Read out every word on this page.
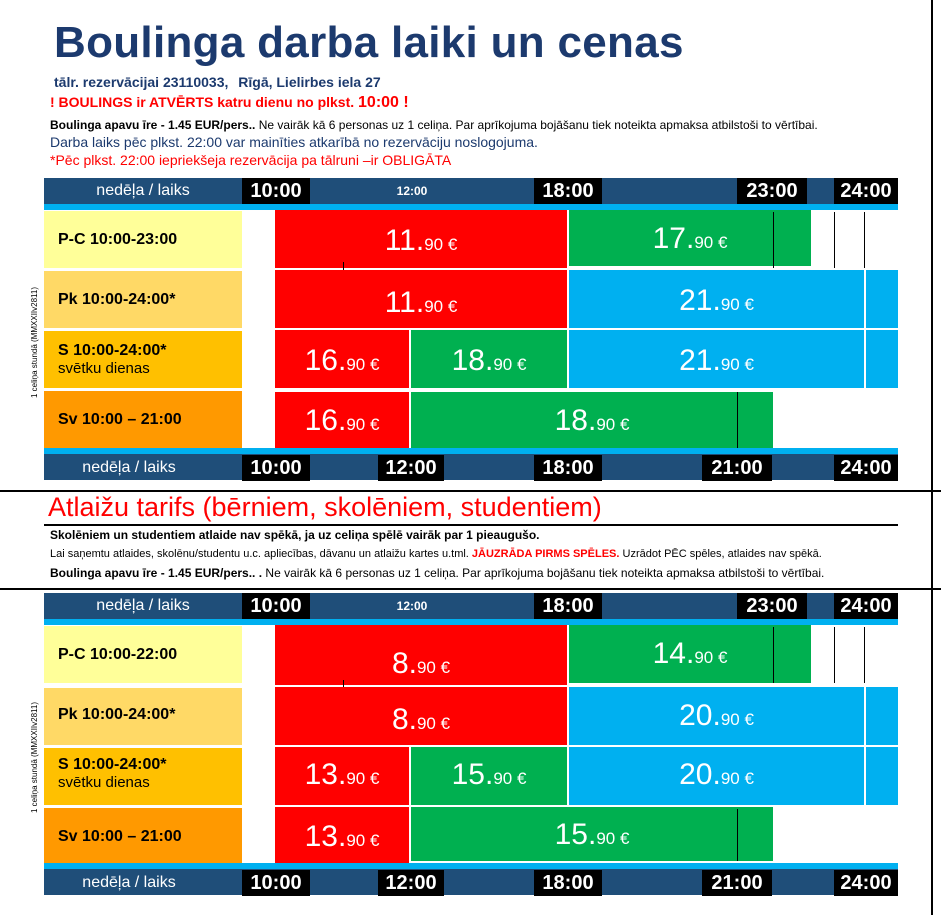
Boulinga darba laiki un cenas
tālr. rezervācijai 23110033, Rīgā, Lielirbes iela 27
! BOULINGS ir ATVĒRTS katru dienu no plkst. 10:00 !
Boulinga apavu īre - 1.45 EUR/pers.. Ne vairāk kā 6 personas uz 1 celiņa. Par aprīkojuma bojāšanu tiek noteikta apmaksa atbilstoši to vērtībai.
Darba laiks pēc plkst. 22:00 var mainīties atkarībā no rezervāciju noslogojuma.
*Pēc plkst. 22:00 iepriekšeja rezervācija pa tālruni –ir OBLIGĀTA
1 celiņa stundā (MMXXIIv2811)
1 celiņa stundā (MMXXIIv2811)
nedēļa / laiks	10:00	12:00	18:00	23:00	24:00
P-C 10:00-23:00	11.90 €	17.90 €
Pk 10:00-24:00*	11.90 €	21.90 €
S 10:00-24:00*
svētku dienas	16.90 €	18.90 €	21.90 €
Sv 10:00 – 21:00	16.90 €	18.90 €
nedēļa / laiks	10:00	12:00	18:00	21:00	24:00
Atlaižu tarifs (bērniem, skolēniem, studentiem)
Skolēniem un studentiem atlaide nav spēkā, ja uz celiņa spēlē vairāk par 1 pieaugušo.
Lai saņemtu atlaides, skolēnu/studentu u.c. apliecības, dāvanu un atlaižu kartes u.tml. JĀUZRĀDA PIRMS SPĒLES. Uzrādot PĒC spēles, atlaides nav spēkā.
Boulinga apavu īre - 1.45 EUR/pers.. . Ne vairāk kā 6 personas uz 1 celiņa. Par aprīkojuma bojāšanu tiek noteikta apmaksa atbilstoši to vērtībai.
nedēļa / laiks	10:00	12:00	18:00	23:00	24:00
P-C 10:00-22:00	8.90 €	14.90 €
Pk 10:00-24:00*	8.90 €	20.90 €
S 10:00-24:00*
svētku dienas	13.90 €	15.90 €	20.90 €
Sv 10:00 – 21:00	13.90 €	15.90 €
nedēļa / laiks	10:00	12:00	18:00	21:00	24:00
